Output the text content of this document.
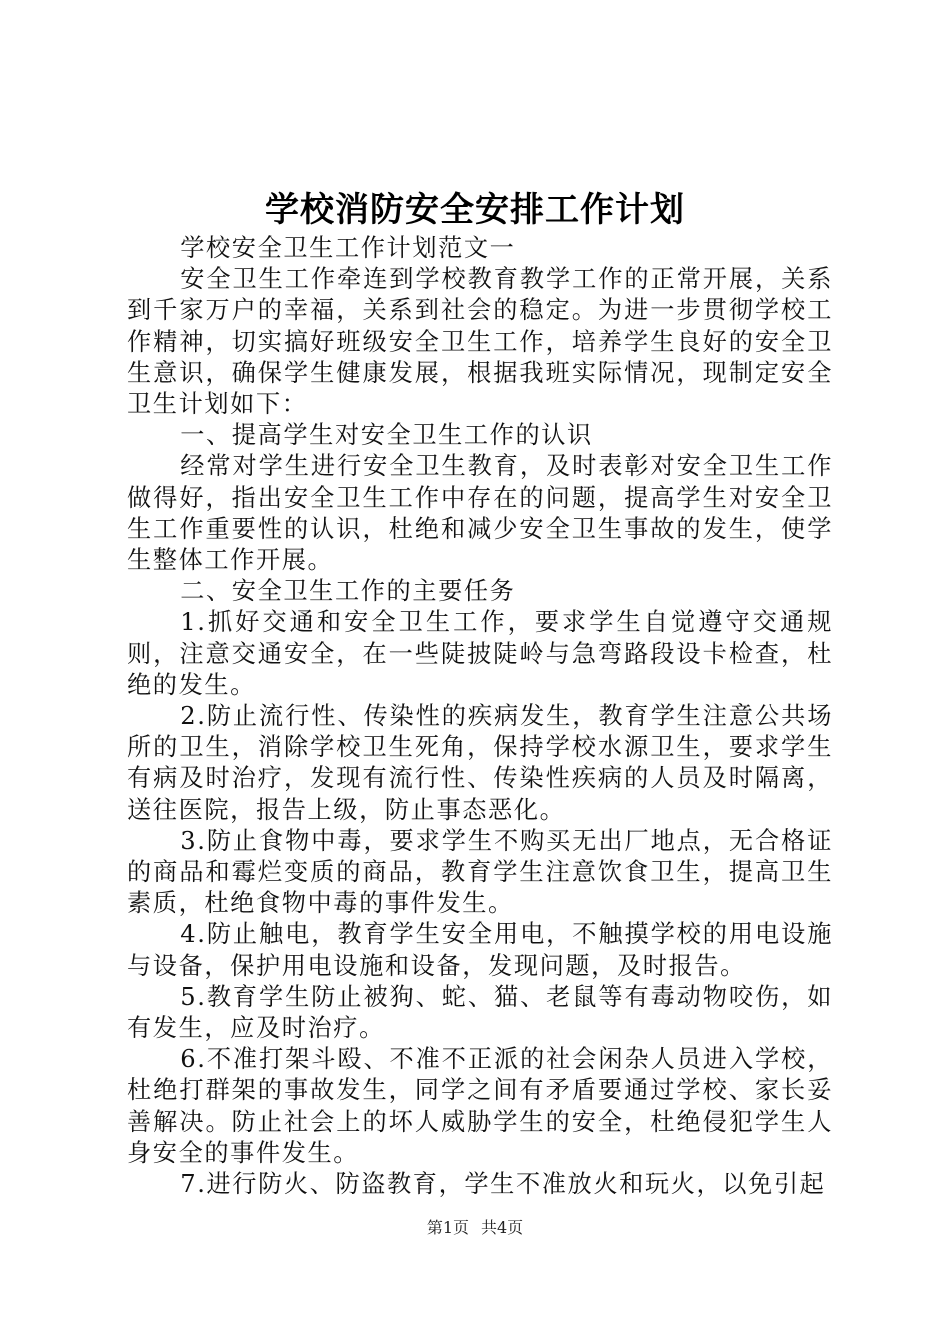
学校消防安全安排工作计划

学校安全卫生工作计划范文一

安全卫生工作牵连到学校教育教学工作的正常开展，关系到千家万户的幸福，关系到社会的稳定。为进一步贯彻学校工作精神，切实搞好班级安全卫生工作，培养学生良好的安全卫生意识，确保学生健康发展，根据我班实际情况，现制定安全卫生计划如下：

一、提高学生对安全卫生工作的认识

经常对学生进行安全卫生教育，及时表彰对安全卫生工作做得好，指出安全卫生工作中存在的问题，提高学生对安全卫生工作重要性的认识，杜绝和减少安全卫生事故的发生，使学生整体工作开展。

二、安全卫生工作的主要任务

1.抓好交通和安全卫生工作，要求学生自觉遵守交通规则，注意交通安全，在一些陡披陡岭与急弯路段设卡检查，杜绝的发生。

2.防止流行性、传染性的疾病发生，教育学生注意公共场所的卫生，消除学校卫生死角，保持学校水源卫生，要求学生有病及时治疗，发现有流行性、传染性疾病的人员及时隔离，送往医院，报告上级，防止事态恶化。

3.防止食物中毒，要求学生不购买无出厂地点，无合格证的商品和霉烂变质的商品，教育学生注意饮食卫生，提高卫生素质，杜绝食物中毒的事件发生。

4.防止触电，教育学生安全用电，不触摸学校的用电设施与设备，保护用电设施和设备，发现问题，及时报告。

5.教育学生防止被狗、蛇、猫、老鼠等有毒动物咬伤，如有发生，应及时治疗。

6.不准打架斗殴、不准不正派的社会闲杂人员进入学校，杜绝打群架的事故发生，同学之间有矛盾要通过学校、家长妥善解决。防止社会上的坏人威胁学生的安全，杜绝侵犯学生人身安全的事件发生。

7.进行防火、防盗教育，学生不准放火和玩火，以免引起

第1页 共4页
